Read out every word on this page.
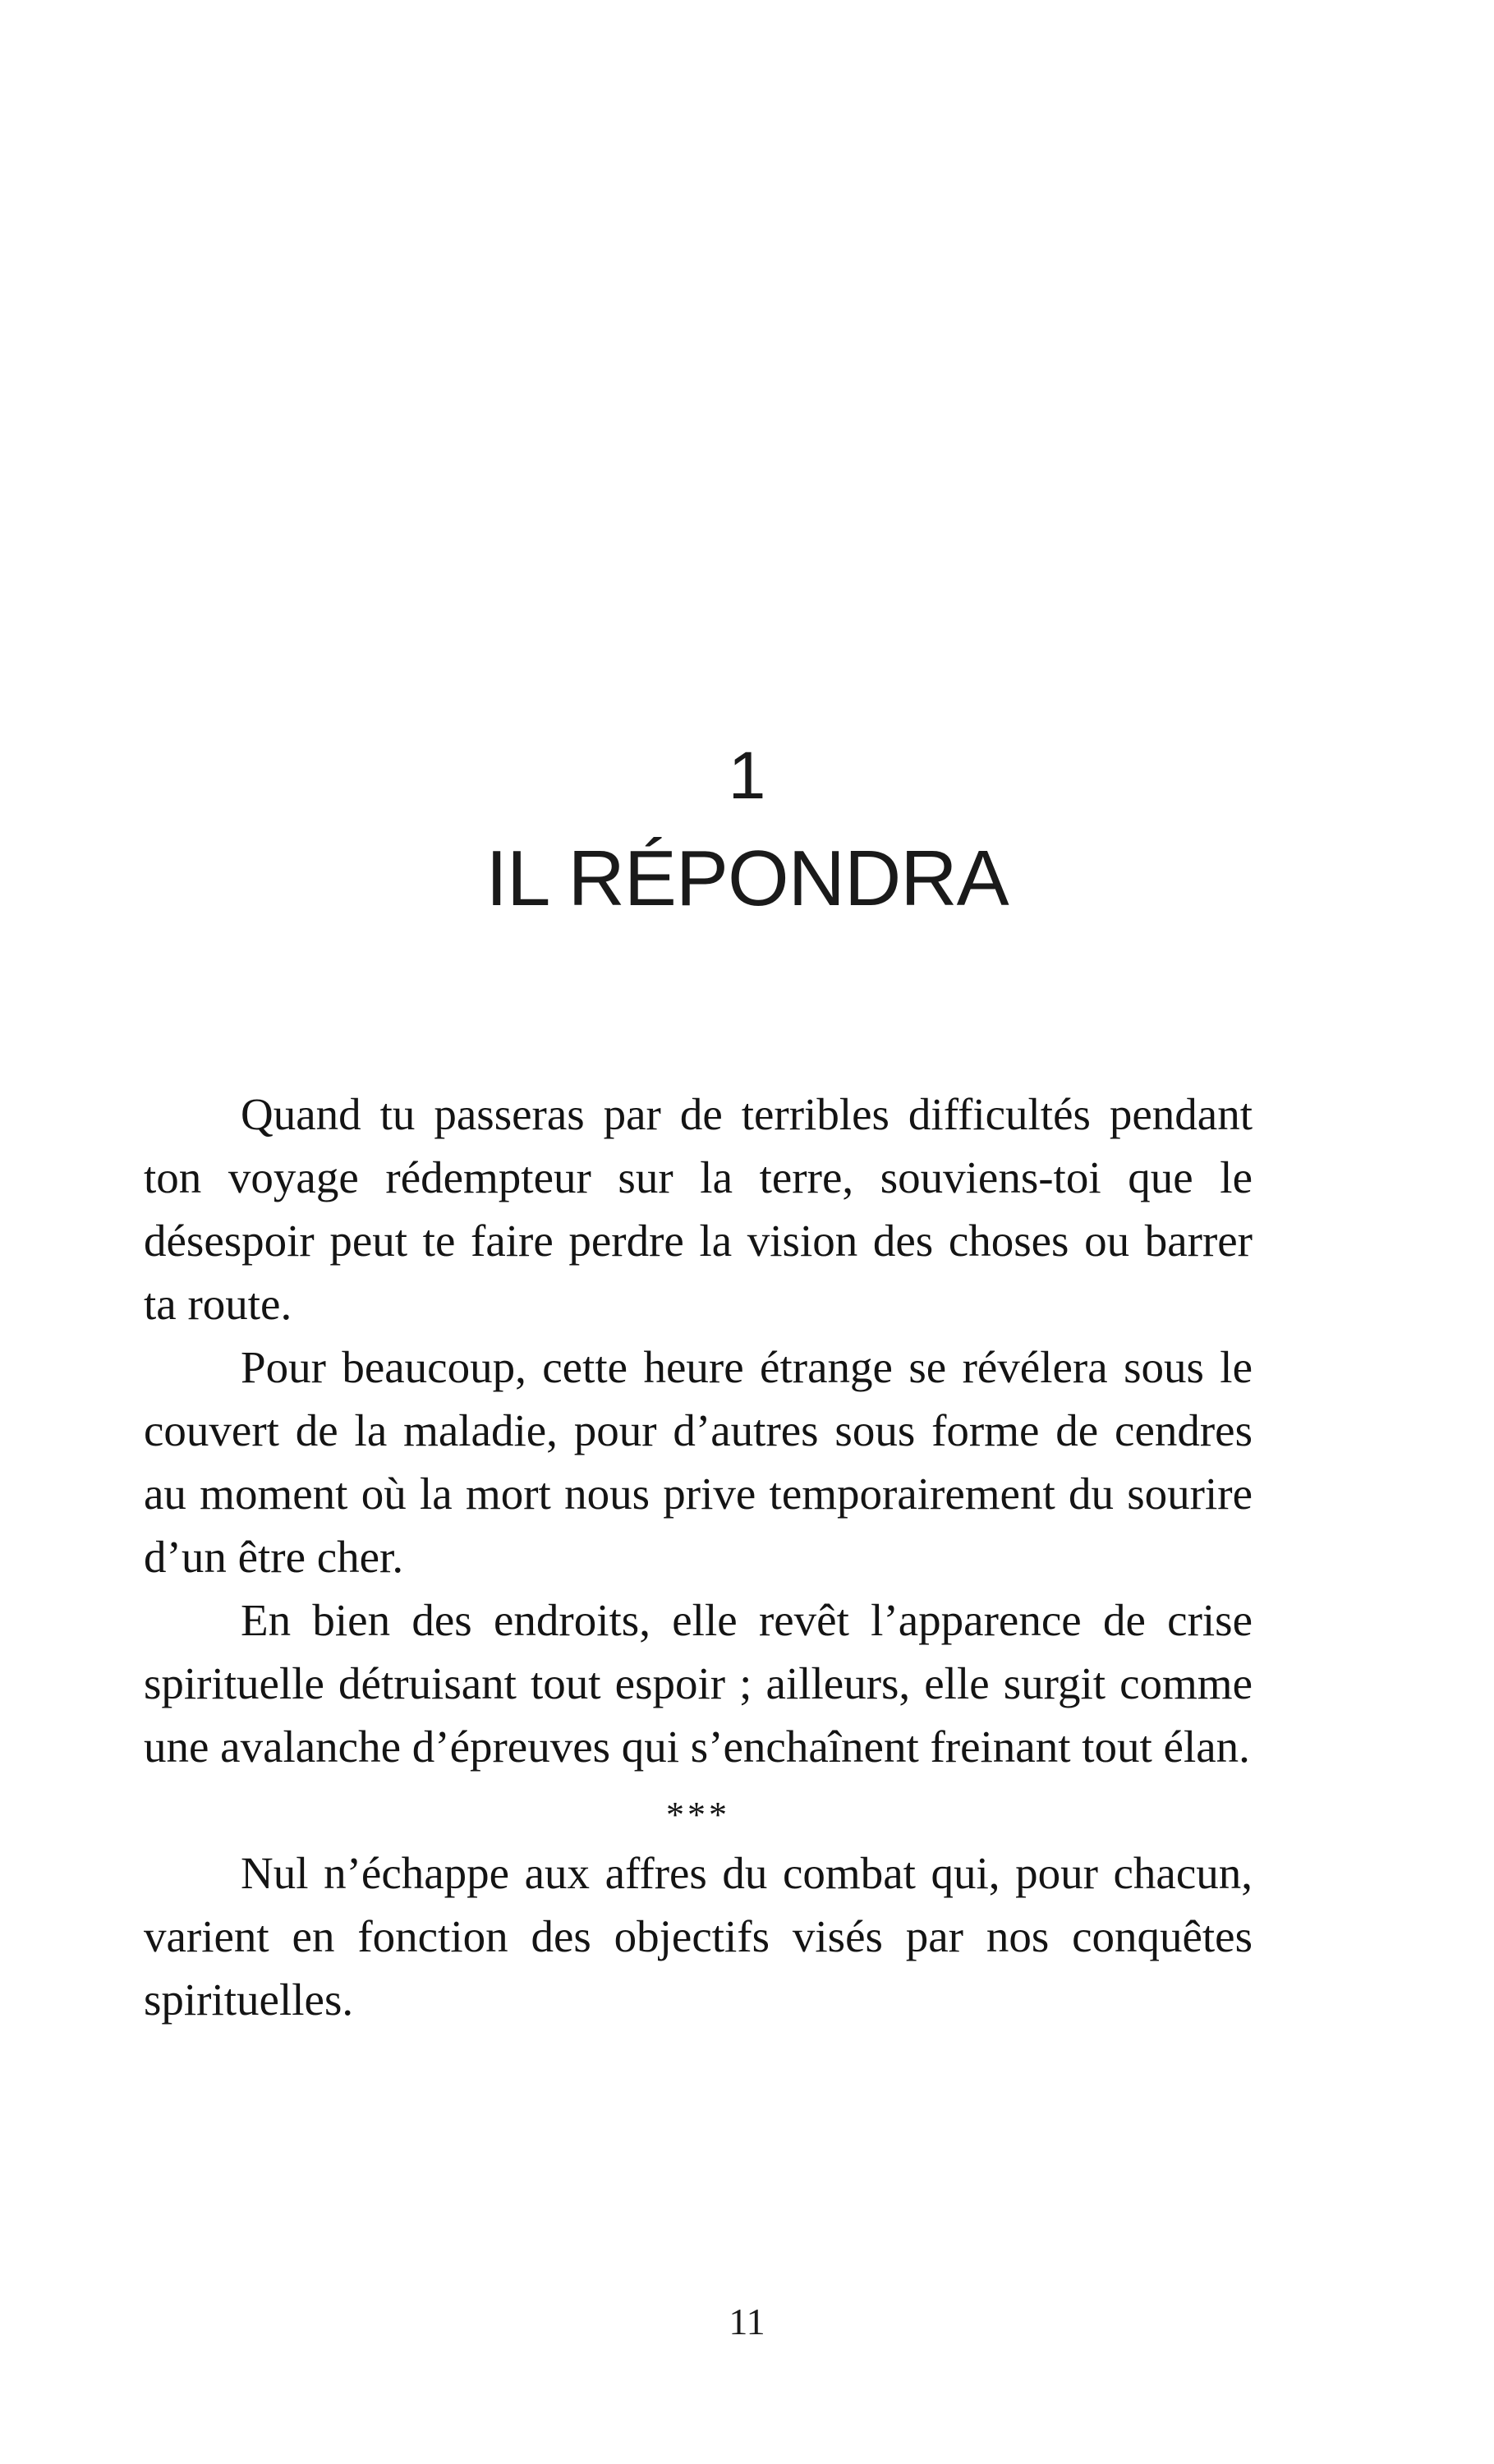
1
IL RÉPONDRA

Quand tu passeras par de terribles difficultés pendant ton voyage rédempteur sur la terre, souviens-toi que le désespoir peut te faire perdre la vision des choses ou barrer ta route.

Pour beaucoup, cette heure étrange se révélera sous le couvert de la maladie, pour d’autres sous forme de cendres au moment où la mort nous prive temporairement du sourire d’un être cher.

En bien des endroits, elle revêt l’apparence de crise spirituelle détruisant tout espoir ; ailleurs, elle surgit comme une avalanche d’épreuves qui s’enchaînent freinant tout élan.

***

Nul n’échappe aux affres du combat qui, pour chacun, varient en fonction des objectifs visés par nos conquêtes spirituelles.

11
